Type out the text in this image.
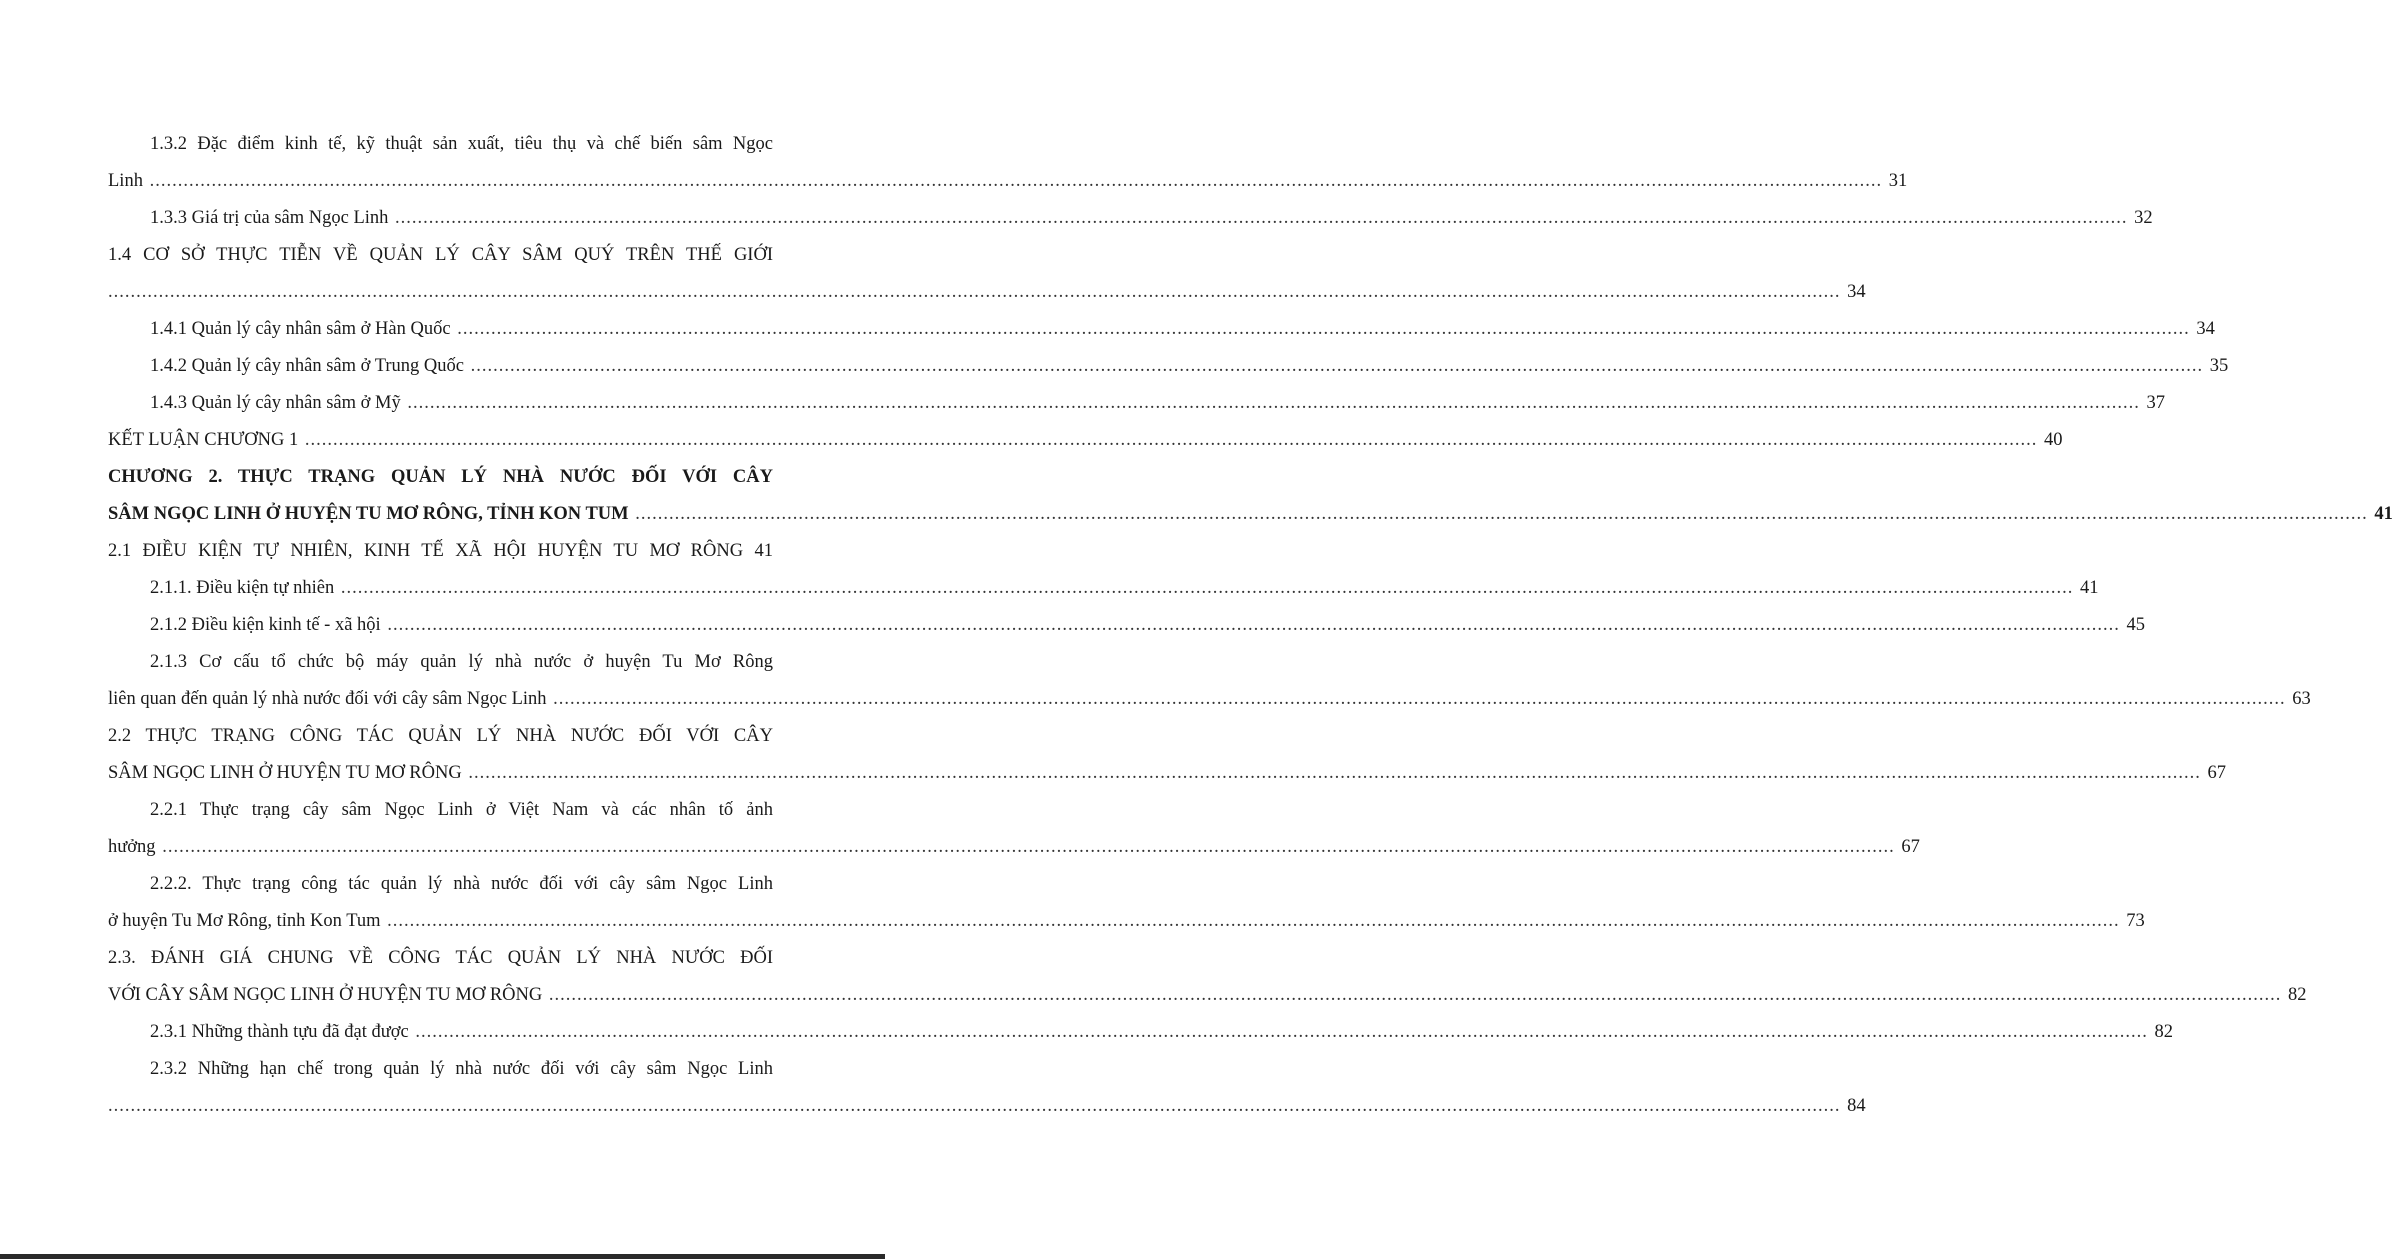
1.3.2 Đặc điểm kinh tế, kỹ thuật sản xuất, tiêu thụ và chế biến sâm Ngọc
Linh .....	31
1.3.3 Giá trị của sâm Ngọc Linh .....	32
1.4 CƠ SỞ THỰC TIỄN VỀ QUẢN LÝ CÂY SÂM QUÝ TRÊN THẾ GIỚI
..... 34
1.4.1 Quản lý cây nhân sâm ở Hàn Quốc .....	34
1.4.2 Quản lý cây nhân sâm ở Trung Quốc .....	35
1.4.3 Quản lý cây nhân sâm ở Mỹ .....	37
KẾT LUẬN CHƯƠNG 1 .....	40
CHƯƠNG 2. THỰC TRẠNG QUẢN LÝ NHÀ NƯỚC ĐỐI VỚI CÂY
SÂM NGỌC LINH Ở HUYỆN TU MƠ RÔNG, TỈNH KON TUM .....	41
2.1 ĐIỀU KIỆN TỰ NHIÊN, KINH TẾ XÃ HỘI HUYỆN TU MƠ RÔNG 41
2.1.1. Điều kiện tự nhiên .....	41
2.1.2 Điều kiện kinh tế - xã hội .....	45
2.1.3 Cơ cấu tổ chức bộ máy quản lý nhà nước ở huyện Tu Mơ Rông
liên quan đến quản lý nhà nước đối với cây sâm Ngọc Linh .....	63
2.2 THỰC TRẠNG CÔNG TÁC QUẢN LÝ NHÀ NƯỚC ĐỐI VỚI CÂY
SÂM NGỌC LINH Ở HUYỆN TU MƠ RÔNG .....	67
2.2.1 Thực trạng cây sâm Ngọc Linh ở Việt Nam và các nhân tố ảnh
hưởng .....	67
2.2.2. Thực trạng công tác quản lý nhà nước đối với cây sâm Ngọc Linh
ở huyện Tu Mơ Rông, tỉnh Kon Tum .....	73
2.3. ĐÁNH GIÁ CHUNG VỀ CÔNG TÁC QUẢN LÝ NHÀ NƯỚC ĐỐI
VỚI CÂY SÂM NGỌC LINH Ở HUYỆN TU MƠ RÔNG .....	82
2.3.1 Những thành tựu đã đạt được .....	82
2.3.2 Những hạn chế trong quản lý nhà nước đối với cây sâm Ngọc Linh
..... 84
